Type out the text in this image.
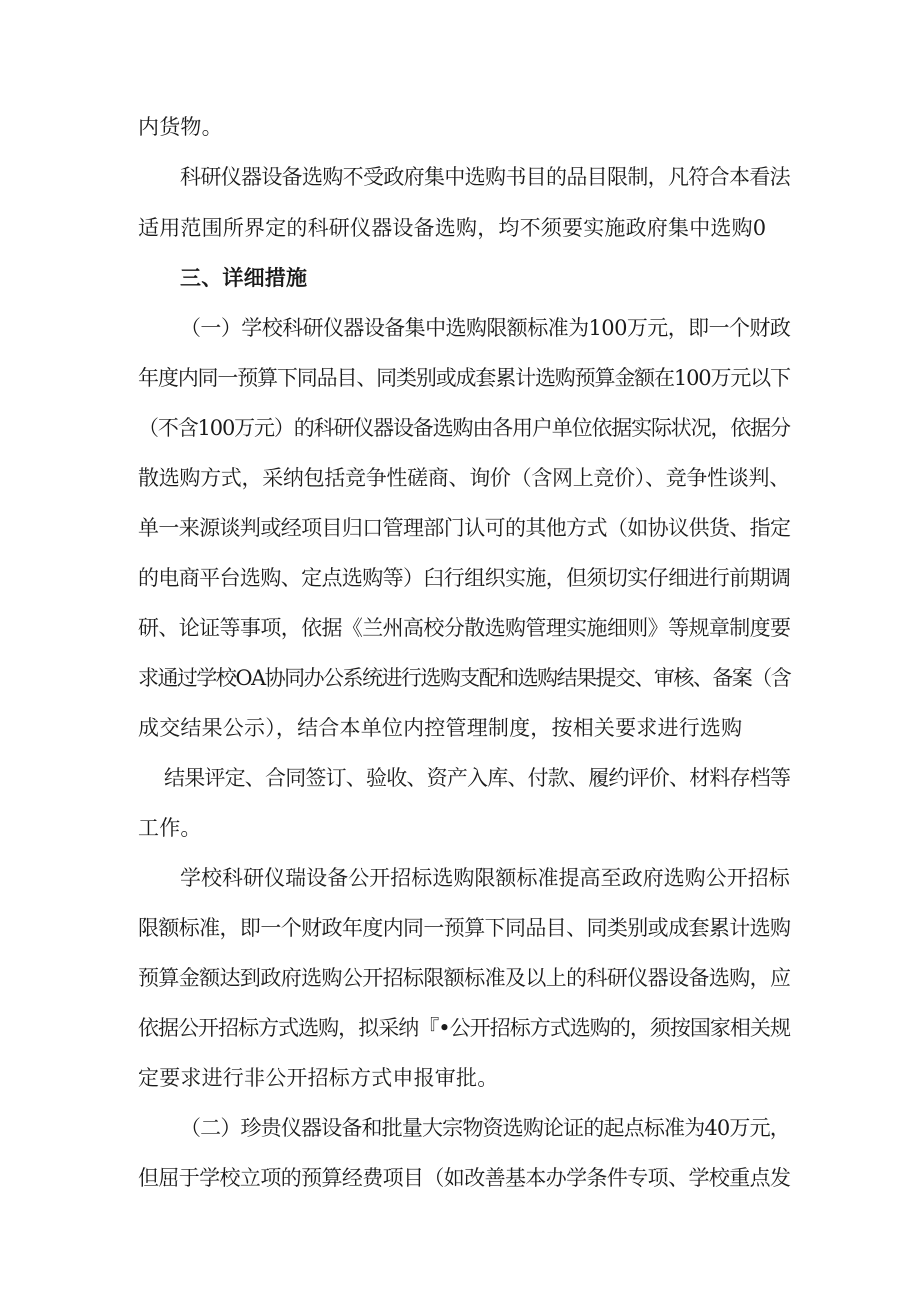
内货物。
科研仪器设备选购不受政府集中选购书目的品目限制，凡符合本看法
适用范围所界定的科研仪器设备选购，均不须要实施政府集中选购0
三、详细措施
（一）学校科研仪器设备集中选购限额标准为100万元，即一个财政
年度内同一预算下同品目、同类别或成套累计选购预算金额在100万元以下
（不含100万元）的科研仪器设备选购由各用户单位依据实际状况，依据分
散选购方式，采纳包括竞争性磋商、询价（含网上竞价）、竞争性谈判、
单一来源谈判或经项目归口管理部门认可的其他方式（如协议供货、指定
的电商平台选购、定点选购等）臼行组织实施，但须切实仔细进行前期调
研、论证等事项，依据《兰州高校分散选购管理实施细则》等规章制度要
求通过学校OA协同办公系统进行选购支配和选购结果提交、审核、备案（含
成交结果公示），结合本单位内控管理制度，按相关要求进行选购
结果评定、合同签订、验收、资产入库、付款、履约评价、材料存档等
工作。
学校科研仪瑞设备公开招标选购限额标准提高至政府选购公开招标
限额标准，即一个财政年度内同一预算下同品目、同类别或成套累计选购
预算金额达到政府选购公开招标限额标准及以上的科研仪器设备选购，应
依据公开招标方式选购，拟采纳『•公开招标方式选购的，须按国家相关规
定要求进行非公开招标方式申报审批。
（二）珍贵仪器设备和批量大宗物资选购论证的起点标准为40万元，
但屈于学校立项的预算经费项目（如改善基本办学条件专项、学校重点发
